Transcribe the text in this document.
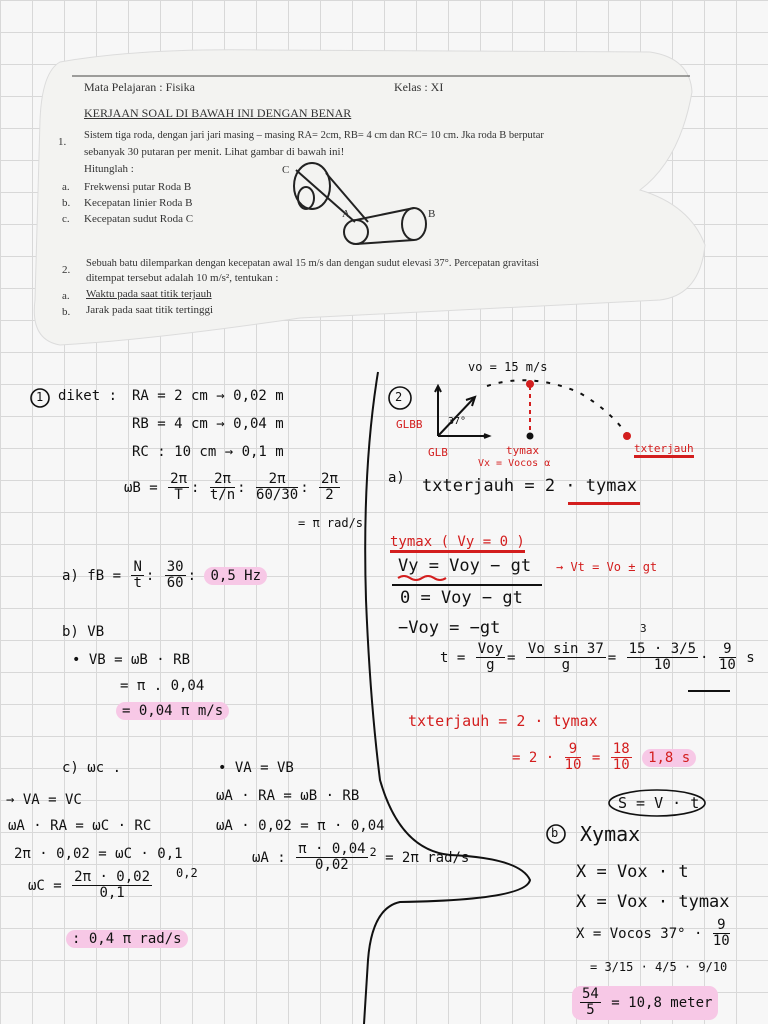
Mata Pelajaran : Fisika	Kelas : XI
KERJAAN SOAL DI BAWAH INI DENGAN BENAR
1.
Sistem tiga roda, dengan jari jari masing – masing RA= 2cm, RB= 4 cm dan RC= 10 cm. Jka roda B berputar
sebanyak 30 putaran per menit. Lihat gambar di bawah ini!
Hitunglah :
a. Frekwensi putar Roda B
b. Kecepatan linier Roda B
c. Kecepatan sudut Roda C
C
A	B
2.
Sebuah batu dilemparkan dengan kecepatan awal 15 m/s dan dengan sudut elevasi 37°. Percepatan gravitasi
ditempat tersebut adalah 10 m/s², tentukan :
a. Waktu pada saat titik terjauh
b. Jarak pada saat titik tertinggi
1 diket : RA = 2 cm → 0,02 m
RB = 4 cm → 0,04 m
RC : 10 cm → 0,1 m
$\omega B = \frac{2\pi}{T}$ : $\frac{2\pi}{t/n}$ : $\frac{2\pi}{60/30}$ : $\frac{2\pi}{2}$
= π rad/s
a) fB = $\frac{N}{t}$ : $\frac{30}{60}$ : 0,5 Hz
b) VB
• VB = ωB · RB
= π . 0,04
= 0,04 π m/s
c) ωc .
→ VA = VC
ωA · RA = ωC · RC
2π · 0,02 = ωC · 0,1
$\omega C = \frac{2\pi \cdot 0,02}{0,1} 0,2$
: 0,4 π rad/s
• VA = VB
ωA · RA = ωB · RB
ωA · 0,02 = π · 0,04
ωA : $\frac{\pi \cdot 0,04}{0,02} ^2 = 2\pi$ rad/s
2
vo = 15 m/s
GLBB	37°
GLB	tymax
Vx = Vocos α
txterjauh
a) txterjauh = 2 · tymax
tymax ( Vy = 0 )
Vy = Voy − gt → Vt = Vo ± gt
0 = Voy − gt
−Voy = −gt
$t = \frac{\text{Voy}}{g} = \frac{\text{Vo sin 37}}{g} = \frac{15 \cdot 3/5}{10} \cdot \frac{9}{10}$ s
3
txterjauh = 2 · tymax
= $2 \cdot \frac{9}{10} = \frac{18}{10} 1,8$ s
S = V · t
b Xymax
X = Vox · t
X = Vox · tymax
X = Vocos $37^\circ \cdot \frac{9}{10}$
= 3/15 · 4/5 · 9/10
$\frac{54}{5} = 10,8$ meter
